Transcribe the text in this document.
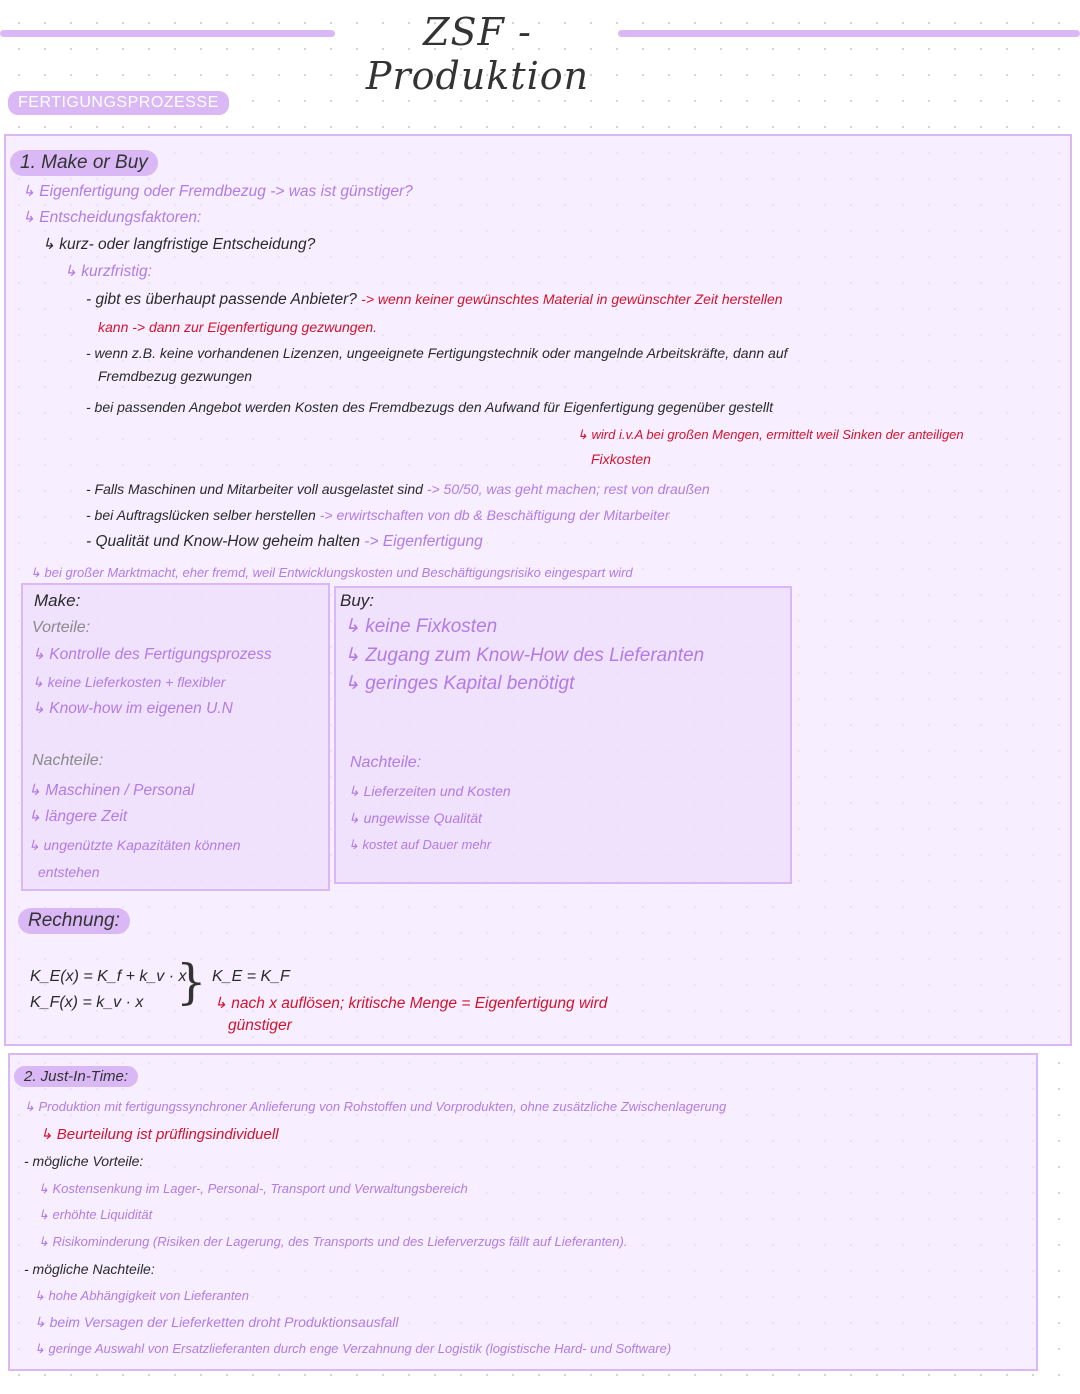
ZSF - Produktion
FERTIGUNGSPROZESSE
1. Make or Buy
↳ Eigenfertigung oder Fremdbezug -> was ist günstiger?
↳ Entscheidungsfaktoren:
↳ kurz- oder langfristige Entscheidung?
↳ kurzfristig:
- gibt es überhaupt passende Anbieter? -> wenn keiner gewünschtes Material in gewünschter Zeit herstellen
kann -> dann zur Eigenfertigung gezwungen.
- wenn z.B. keine vorhandenen Lizenzen, ungeeignete Fertigungstechnik oder mangelnde Arbeitskräfte, dann auf
Fremdbezug gezwungen
- bei passenden Angebot werden Kosten des Fremdbezugs den Aufwand für Eigenfertigung gegenüber gestellt
↳ wird i.v.A bei großen Mengen, ermittelt weil Sinken der anteiligen
Fixkosten
- Falls Maschinen und Mitarbeiter voll ausgelastet sind -> 50/50, was geht machen; rest von draußen
- bei Auftragslücken selber herstellen -> erwirtschaften von db & Beschäftigung der Mitarbeiter
- Qualität und Know-How geheim halten -> Eigenfertigung
↳ bei großer Marktmacht, eher fremd, weil Entwicklungskosten und Beschäftigungsrisiko eingespart wird
Make:
Vorteile:
↳ Kontrolle des Fertigungsprozess
↳ keine Lieferkosten + flexibler
↳ Know-how im eigenen U.N
Nachteile:
↳ Maschinen / Personal
↳ längere Zeit
↳ ungenützte Kapazitäten können
entstehen
Buy:
↳ keine Fixkosten
↳ Zugang zum Know-How des Lieferanten
↳ geringes Kapital benötigt
Nachteile:
↳ Lieferzeiten und Kosten
↳ ungewisse Qualität
↳ kostet auf Dauer mehr
Rechnung:
K_E(x) = K_f + k_v · x
K_F(x) = k_v · x } K_E = K_F
↳ nach x auflösen; kritische Menge = Eigenfertigung wird
günstiger
2. Just-In-Time:
↳ Produktion mit fertigungssynchroner Anlieferung von Rohstoffen und Vorprodukten, ohne zusätzliche Zwischenlagerung
↳ Beurteilung ist prüflingsindividuell
- mögliche Vorteile:
↳ Kostensenkung im Lager-, Personal-, Transport und Verwaltungsbereich
↳ erhöhte Liquidität
↳ Risikominderung (Risiken der Lagerung, des Transports und des Lieferverzugs fällt auf Lieferanten).
- mögliche Nachteile:
↳ hohe Abhängigkeit von Lieferanten
↳ beim Versagen der Lieferketten droht Produktionsausfall
↳ geringe Auswahl von Ersatzlieferanten durch enge Verzahnung der Logistik (logistische Hard- und Software)
